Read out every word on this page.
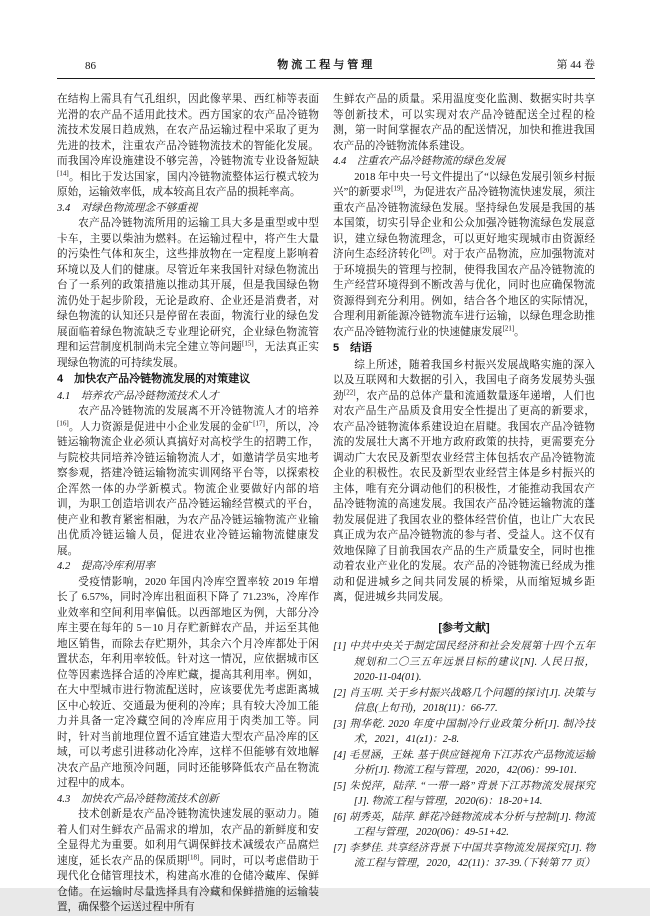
86	物流工程与管理	第 44 卷

在结构上需具有气孔组织，因此像苹果、西红柿等表面光滑的农产品不适用此技术。西方国家的农产品冷链物流技术发展日趋成熟，在农产品运输过程中采取了更为先进的技术，注重农产品冷链物流技术的智能化发展。而我国冷库设施建设不够完善，冷链物流专业设备短缺[14]。相比于发达国家，国内冷链物流整体运行模式较为原始，运输效率低，成本较高且农产品的损耗率高。

3.4　对绿色物流理念不够重视

农产品冷链物流所用的运输工具大多是重型或中型卡车，主要以柴油为燃料。在运输过程中，将产生大量的污染性气体和灰尘，这些排放物在一定程度上影响着环境以及人们的健康。尽管近年来我国针对绿色物流出台了一系列的政策措施以推动其开展，但是我国绿色物流仍处于起步阶段，无论是政府、企业还是消费者，对绿色物流的认知还只是停留在表面，物流行业的绿色发展面临着绿色物流缺乏专业理论研究，企业绿色物流管理和运营制度机制尚未完全建立等问题[15]，无法真正实现绿色物流的可持续发展。

4　加快农产品冷链物流发展的对策建议
4.1　培养农产品冷链物流技术人才

农产品冷链物流的发展离不开冷链物流人才的培养[16]。人力资源是促进中小企业发展的金矿[17]，所以，冷链运输物流企业必须认真搞好对高校学生的招聘工作，与院校共同培养冷链运输物流人才，如邀请学员实地考察参观，搭建冷链运输物流实训网络平台等，以探索校企浑然一体的办学新模式。物流企业要做好内部的培训，为职工创造培训农产品冷链运输经营模式的平台，使产业和教育紧密相融，为农产品冷链运输物流产业输出优质冷链运输人员，促进农业冷链运输物流健康发展。

4.2　提高冷库利用率

受疫情影响，2020 年国内冷库空置率较 2019 年增长了 6.57%，同时冷库出租面积下降了 71.23%，冷库作业效率和空间利用率偏低。以西部地区为例，大部分冷库主要在每年的 5－10 月存贮新鲜农产品，并运至其他地区销售，而除去存贮期外，其余六个月冷库都处于闲置状态，年利用率较低。针对这一情况，应依据城市区位等因素选择合适的冷库贮藏，提高其利用率。例如，在大中型城市进行物流配送时，应该要优先考虑距离城区中心较近、交通最为便利的冷库；具有较大冷加工能力并具备一定冷藏空间的冷库应用于肉类加工等。同时，针对当前地理位置不适宜建造大型农产品冷库的区域，可以考虑引进移动化冷库，这样不但能够有效地解决农产品产地预冷问题，同时还能够降低农产品在物流过程中的成本。

4.3　加快农产品冷链物流技术创新

技术创新是农产品冷链物流快速发展的驱动力。随着人们对生鲜农产品需求的增加，农产品的新鲜度和安全显得尤为重要。如利用气调保鲜技术减缓农产品腐烂速度，延长农产品的保质期[18]。同时，可以考虑借助于现代化仓储管理技术，构建高水准的仓储冷藏库、保鲜仓储。在运输时尽量选择具有冷藏和保鲜措施的运输装置，确保整个运送过程中所有

生鲜农产品的质量。采用温度变化监测、数据实时共享等创新技术，可以实现对农产品冷链配送全过程的检测，第一时间掌握农产品的配送情况，加快和推进我国农产品的冷链物流体系建设。

4.4　注重农产品冷链物流的绿色发展

2018 年中央一号文件提出了“以绿色发展引领乡村振兴”的新要求[19]，为促进农产品冷链物流快速发展，须注重农产品冷链物流绿色发展。坚持绿色发展是我国的基本国策，切实引导企业和公众加强冷链物流绿色发展意识，建立绿色物流理念，可以更好地实现城市由资源经济向生态经济转化[20]。对于农产品物流，应加强物流对于环境损失的管理与控制，使得我国农产品冷链物流的生产经营环境得到不断改善与优化，同时也应确保物流资源得到充分利用。例如，结合各个地区的实际情况，合理利用新能源冷链物流车进行运输，以绿色理念助推农产品冷链物流行业的快速健康发展[21]。

5　结语

综上所述，随着我国乡村振兴发展战略实施的深入以及互联网和大数据的引入，我国电子商务发展势头强劲[22]，农产品的总体产量和流通数量逐年递增，人们也对农产品生产品质及食用安全性提出了更高的新要求，农产品冷链物流体系建设迫在眉睫。我国农产品冷链物流的发展壮大离不开地方政府政策的扶持，更需要充分调动广大农民及新型农业经营主体包括农产品冷链物流企业的积极性。农民及新型农业经营主体是乡村振兴的主体，唯有充分调动他们的积极性，才能推动我国农产品冷链物流的高速发展。我国农产品冷链运输物流的蓬勃发展促进了我国农业的整体经营价值，也让广大农民真正成为农产品冷链物流的参与者、受益人。这不仅有效地保障了目前我国农产品的生产质量安全，同时也推动着农业产业化的发展。农产品的冷链物流已经成为推动和促进城乡之间共同发展的桥梁，从而缩短城乡距离，促进城乡共同发展。

[参考文献]

[1] 中共中央关于制定国民经济和社会发展第十四个五年规划和二〇三五年远景目标的建议[N]. 人民日报，2020-11-04(01).

[2] 肖玉明. 关于乡村振兴战略几个问题的探讨[J]. 决策与信息(上旬刊)，2018(11)：66-77.

[3] 荆华乾. 2020 年度中国制冷行业政策分析[J]. 制冷技术，2021，41(z1)：2-8.

[4] 毛昱涵，王妹. 基于供应链视角下江苏农产品物流运输分析[J]. 物流工程与管理，2020，42(06)：99-101.

[5] 朱悦萍，陆萍. “一带一路”背景下江苏物流发展探究[J]. 物流工程与管理，2020(6)：18-20+14.

[6] 胡秀英，陆萍. 鲜花冷链物流成本分析与控制[J]. 物流工程与管理，2020(06)：49-51+42.

[7] 李梦佳. 共享经济背景下中国共享物流发展探究[J]. 物流工程与管理，2020，42(11)：37-39.
（下转第 77 页）
